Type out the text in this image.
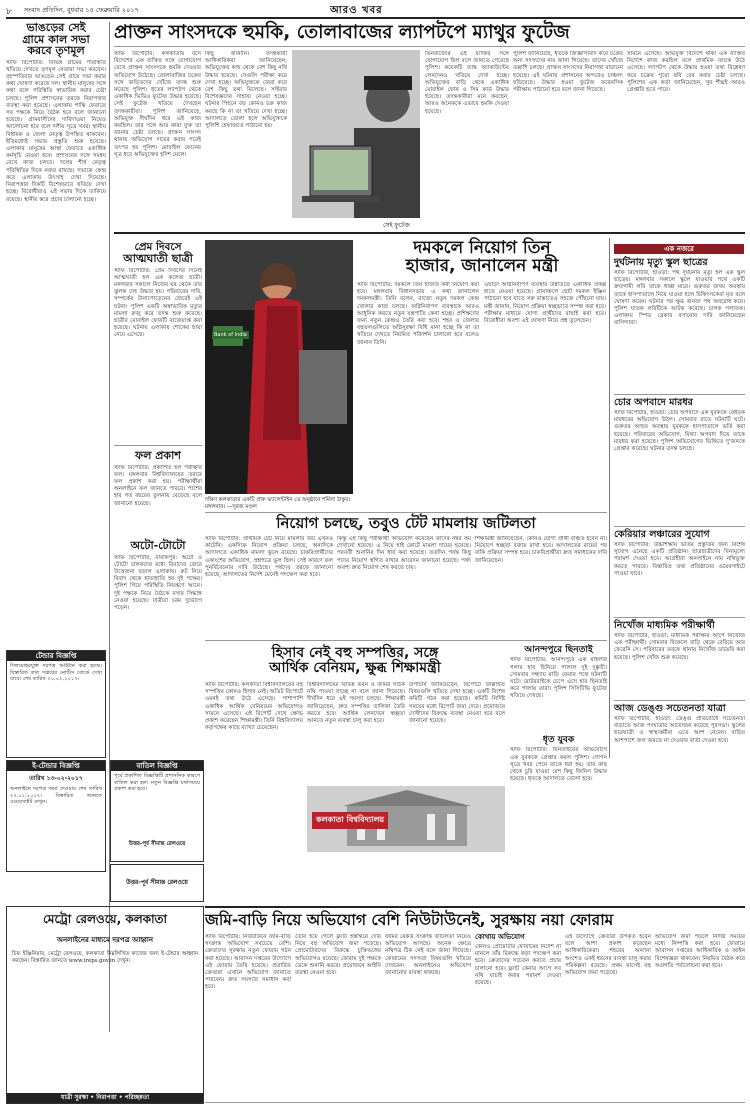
৮ সংবাদ প্রতিদিন, বুধবার ১৫ ফেব্রুয়ারি ২০১৭	আরও খবর
ভাঙড়ের সেই
গ্রামে কাল সভা
করবে তৃণমূল
স্টাফ রিপোর্টার: বিভিন্ন গ্রামের পরিস্থিতি খতিয়ে দেখতে তৃণমূল নেতারা সভা করবেন। বৃহস্পতিবার ভাঙড়ের সেই গ্রামে সভা করার কথা ঘোষণা করেছে দল। স্থানীয় মানুষের সঙ্গে কথা বলে পরিস্থিতি স্বাভাবিক করার চেষ্টা চলছে। পুলিশ প্রশাসনের তরফে নিরাপত্তার ব্যবস্থা করা হয়েছে। এলাকায় শান্তি ফেরাতে সব পক্ষকে নিয়ে বৈঠক হবে বলে জানানো হয়েছে। গ্রামবাসীদের দাবিদাওয়া নিয়েও আলোচনা হবে বলে দলীয় সূত্রে খবর। স্থানীয় বিধায়ক ও জেলা নেতৃত্ব উপস্থিত থাকবেন। ইতিমধ্যেই সভার প্রস্তুতি শুরু হয়েছে। এলাকার মানুষের আস্থা ফেরাতে একাধিক কর্মসূচি নেওয়া হবে। প্রশাসনের সঙ্গে সমন্বয় রেখে কাজ চলবে। দলের শীর্ষ নেতৃত্ব পরিস্থিতির দিকে নজর রাখছে। সভাকে কেন্দ্র করে এলাকায় উৎসাহ দেখা দিয়েছে। নিরাপত্তার দিকটি বিশেষভাবে খতিয়ে দেখা হচ্ছে। বিরোধীরাও এই সভার দিকে তাকিয়ে রয়েছে। স্থানীয় স্তরে প্রচার চালানো হচ্ছে।
প্রাক্তন সাংসদকে হুমকি, তোলাবাজের ল্যাপটপে ম্যাথুর ফুটেজ
স্টাফ রিপোর্টার: কলকাতায় বসে বিদেশের এক ব্যক্তির সঙ্গে যোগাযোগ রেখে প্রাক্তন সাংসদকে হুমকি দেওয়ার অভিযোগ উঠেছে। তোলাবাজির চক্রের সঙ্গে জড়িতদের খোঁজে তদন্ত শুরু করেছে পুলিশ। ধৃতের ল্যাপটপ থেকে একাধিক ভিডিও ফুটেজ উদ্ধার হয়েছে। সেই ফুটেজ খতিয়ে দেখছেন তদন্তকারীরা। পুলিশ জানিয়েছে, অভিযুক্ত দীর্ঘদিন ধরে এই কাজ করছিল। তার সঙ্গে আর কারা যুক্ত তা জানার চেষ্টা চলছে। প্রাক্তন সাংসদ থানায় অভিযোগ দায়ের করার পরেই তৎপর হয় পুলিশ। মোবাইল ফোনের সূত্র ধরে অভিযুক্তের হদিশ মেলে।
কিছু জানানি। তদন্তকারী আধিকারিকরা জানিয়েছেন, অভিযুক্তের কাছ থেকে বেশ কিছু নথি উদ্ধার হয়েছে। সেগুলি পরীক্ষা করে দেখা হচ্ছে। অভিযুক্তকে জেরা করে বেশ কিছু তথ্য মিলেছে। সাইবার বিশেষজ্ঞদের সাহায্য নেওয়া হচ্ছে। ঘটনার পিছনে বড় কোনও চক্র কাজ করছে কি না তা খতিয়ে দেখা হচ্ছে। আদালতে তোলা হলে অভিযুক্তকে পুলিশি হেফাজতে পাঠানো হয়।
সেই ফুটেজ
ভিনরাজ্যের এই ব্যক্তির সঙ্গে যোগাযোগ ছিল বলে জানতে পেরেছে পুলিশ। কয়েকটি ব্যাঙ্ক অ্যাকাউন্টের লেনদেনও খতিয়ে দেখা হচ্ছে। অভিযুক্তের বাড়ি থেকে একাধিক মোবাইল ফোন ও সিম কার্ড উদ্ধার হয়েছে। তদন্তকারীরা মনে করছেন, আরও অনেককে এভাবে হুমকি দেওয়া হয়েছে।
পুলিশ জানিয়েছে, ধৃতকে জিজ্ঞাসাবাদ করে চক্রের অন্য সদস্যদের নাম জানা গিয়েছে। তাদের খোঁজে তল্লাশি চলছে। প্রাক্তন সাংসদের নিরাপত্তা বাড়ানো হয়েছে। এই ঘটনায় প্রশাসনের অন্দরেও চাঞ্চল্য ছড়িয়েছে। উদ্ধার হওয়া ফুটেজ ফরেনসিক পরীক্ষায় পাঠানো হবে বলে জানা গিয়েছে।
সামনে এসেছে। অভিযুক্ত বিদেশে থাকা এক ব্যক্তির নির্দেশে কাজ করছিল বলে প্রাথমিক তদন্তে উঠে এসেছে। ল্যাপটপ থেকে উদ্ধার হওয়া তথ্য বিশ্লেষণ করে চক্রের পুরো ছবি বের করার চেষ্টা চলছে। পুলিশের এক কর্তা জানিয়েছেন, খুব শীঘ্রই আরও গ্রেপ্তারি হতে পারে।
প্রেম দিবসে
আত্মঘাতী ছাত্রী
স্টাফ রিপোর্টার: প্রেম দিবসের দিনেই আত্মঘাতী হল এক কলেজ ছাত্রী। মঙ্গলবার সকালে নিজের ঘর থেকে তার ঝুলন্ত দেহ উদ্ধার হয়। পরিবারের দাবি, সম্পর্কের টানাপোড়েনের জেরেই এই ঘটনা। পুলিশ একটি অস্বাভাবিক মৃত্যুর মামলা রুজু করে তদন্ত শুরু করেছে। ছাত্রীর মোবাইল ফোনটি বাজেয়াপ্ত করা হয়েছে। ঘটনায় এলাকায় শোকের ছায়া নেমে এসেছে।
ফল প্রকাশ
স্টাফ রিপোর্টার: প্রকাশিত হল পরীক্ষার ফল। মঙ্গলবার বিশ্ববিদ্যালয়ের তরফে ফল প্রকাশ করা হয়। পরীক্ষার্থীরা অনলাইনে ফল জানতে পারবে। পাশের হার গত বছরের তুলনায় বেড়েছে বলে জানানো হয়েছে।
Bank of India
দক্ষিণ কলকাতার একটি প্রাক ভ্যালেন্টাইন ডে অনুষ্ঠানে শর্মিলা ঠাকুর। মঙ্গলবার। —সুরজ মণ্ডল
দমকলে নিয়োগ তিন
হাজার, জানালেন মন্ত্রী
স্টাফ রিপোর্টার: দমকলে তিন হাজার কর্মী নিয়োগ করা হবে। মঙ্গলবার বিধানসভায় এ কথা জানালেন দমকলমন্ত্রী। তিনি বলেন, রাজ্যে নতুন দমকল কেন্দ্র খোলার কাজ চলছে। অগ্নিনির্বাপণ ব্যবস্থাকে আরও আধুনিক করতে নতুন যন্ত্রপাতি কেনা হচ্ছে। প্রশিক্ষণের জন্য নতুন কেন্দ্রও তৈরি করা হবে। শহর ও জেলার বহুতলগুলিতে অগ্নিসুরক্ষা বিধি মানা হচ্ছে কি না তা খতিয়ে দেখতে নিয়মিত পরিদর্শন চালানো হবে বলেও জানান তিনি।
এছাড়া অগ্নিনির্বাপণ ব্যবস্থার উন্নতিতে একাধিক প্রকল্প হাতে নেওয়া হয়েছে। গ্রামাঞ্চলে ছোট দমকল ইঞ্জিন পাঠানো হবে যাতে সরু রাস্তাতেও সহজে পৌঁছনো যায়। মন্ত্রী জানান, নিয়োগ প্রক্রিয়া স্বচ্ছভাবে সম্পন্ন করা হবে। পরীক্ষার মাধ্যমে যোগ্য প্রার্থীদের বাছাই করা হবে। বিরোধীরা অবশ্য এই ঘোষণা নিয়ে প্রশ্ন তুলেছেন।
অটো-টোটো
স্টাফ রিপোর্টার, বারাকপুর: অটো ও টোটো চালকদের মধ্যে বিবাদের জেরে উত্তেজনা ছড়াল এলাকায়। রুট নিয়ে বিবাদ থেকে হাতাহাতি হয় দুই পক্ষের। পুলিশ গিয়ে পরিস্থিতি নিয়ন্ত্রণে আনে। দুই পক্ষকে নিয়ে বৈঠকে বসার সিদ্ধান্ত নেওয়া হয়েছে। যাত্রীরা চরম দুর্ভোগে পড়েন।
নিয়োগ চলছে, তবুও টেট মামলায় জটিলতা
স্টাফ রিপোর্টার: প্রাথমিক টেট নিয়ে মামলার জট এখনও কাটেনি। একদিকে নিয়োগ প্রক্রিয়া চলছে, অন্যদিকে আদালতে একাধিক মামলা ঝুলে রয়েছে। চাকরিপ্রার্থীদের একাংশের অভিযোগ, প্রশ্নপত্রে ভুল ছিল। সেই কারণে ফল পুনর্বিবেচনার দাবি উঠেছে। পর্ষদের তরফে জানানো হয়েছে, আদালতের নির্দেশ মেনেই পদক্ষেপ করা হবে।
কিন্তু এই কিছু পরীক্ষার্থী অভিযোগ করেছেন তাঁদের নম্বর কম দেখানো হয়েছে। এ নিয়ে হাই কোর্টে মামলা দায়ের হয়েছে। পরবর্তী শুনানির দিন ধার্য করা হয়েছে। ততদিন পর্যন্ত কিছু পদের নিয়োগ স্থগিত রাখার আবেদন জানানো হয়েছে। পর্ষদ অবশ্য দ্রুত নিয়োগ শেষ করতে চায়।
শিক্ষামন্ত্রী জানিয়েছেন, কোনও যোগ্য প্রার্থী বঞ্চিত হবেন না। নিয়োগে স্বচ্ছতা বজায় রাখা হবে। আদালতের রায়ের পর বাকি প্রক্রিয়া সম্পন্ন হবে। চাকরিপ্রার্থীরা দ্রুত সমাধানের দাবি জানিয়েছেন।
হিসাব নেই বহু সম্পত্তির, সঙ্গে
আর্থিক বেনিয়ম, ক্ষুব্ধ শিক্ষামন্ত্রী
স্টাফ রিপোর্টার: কলকাতা বিশ্ববিদ্যালয়ের বহু সম্পত্তির কোনও হিসাব নেই। অডিট রিপোর্টে এমনই তথ্য উঠে এসেছে। পাশাপাশি একাধিক আর্থিক বেনিয়মের অভিযোগও সামনে এসেছে। এই রিপোর্ট দেখে ক্ষোভ প্রকাশ করেছেন শিক্ষামন্ত্রী। তিনি বিশ্ববিদ্যালয় কর্তৃপক্ষের কাছে ব্যাখ্যা চেয়েছেন।
বিশ্ববিদ্যালয়ের বিভিন্ন ভবন ও জমির সঠিক নথি পাওয়া যাচ্ছে না বলে জানা গিয়েছে। দীর্ঘদিন ধরে এই সমস্যা চলছে। শিক্ষামন্ত্রী জানিয়েছেন, দ্রুত সম্পত্তির তালিকা তৈরি করতে হবে। আর্থিক লেনদেনে স্বচ্ছতা আনতে নতুন ব্যবস্থা চালু করা হবে।
কলকাতা বিশ্ববিদ্যালয়
উপাচার্য জানিয়েছেন, রিপোর্টে উল্লিখিত বিষয়গুলি খতিয়ে দেখা হচ্ছে। একটি বিশেষ কমিটি গঠন করা হয়েছে। কমিটি নির্দিষ্ট সময়ের মধ্যে রিপোর্ট জমা দেবে। প্রয়োজনে দোষীদের বিরুদ্ধে ব্যবস্থা নেওয়া হবে বলে জানানো হয়েছে।
আনন্দপুরে ছিনতাই
স্টাফ রিপোর্টার: আনন্দপুরে এক মহিলার গলার হার ছিনিয়ে পালাল দুই দুষ্কৃতী। সোমবার সন্ধ্যায় বাড়ি ফেরার পথে ঘটনাটি ঘটে। মোটরবাইকে চেপে এসে হার ছিনতাই করে পালায় তারা। পুলিশ সিসিটিভি ফুটেজ খতিয়ে দেখছে।
ধৃত যুবক
স্টাফ রিপোর্টার: ছিনতাইয়ের অভিযোগে এক যুবককে গ্রেপ্তার করল পুলিশ। গোপন সূত্রে খবর পেয়ে তাকে ধরা হয়। তার কাছ থেকে চুরি যাওয়া বেশ কিছু জিনিস উদ্ধার হয়েছে। ধৃতকে আদালতে তোলা হবে।
এক নজরে
দুর্ঘটনায় মৃত্যু স্কুল ছাত্রের
স্টাফ রিপোর্টার, হাওড়া: পথ দুর্ঘটনায় মৃত্যু হল এক স্কুল ছাত্রের। মঙ্গলবার সকালে স্কুলে যাওয়ার পথে একটি দ্রুতগামী লরি তাকে ধাক্কা মারে। গুরুতর জখম অবস্থায় তাকে হাসপাতালে নিয়ে যাওয়া হলে চিকিৎসকেরা মৃত বলে ঘোষণা করেন। ঘটনার পর ক্ষুব্ধ জনতা পথ অবরোধ করে। পুলিশ ঘাতক লরিটিকে আটক করেছে। চালক পলাতক। এলাকায় স্পিড ব্রেকার বসানোর দাবি জানিয়েছেন বাসিন্দারা।
চোর অপবাদে মারধর
স্টাফ রিপোর্টার, হাওড়া: চোর অপবাদে এক যুবককে বেধড়ক মারধরের অভিযোগ উঠল। সোমবার রাতে ঘটনাটি ঘটে। গুরুতর আহত অবস্থায় যুবককে হাসপাতালে ভর্তি করা হয়েছে। পরিবারের অভিযোগ, মিথ্যা অপবাদ দিয়ে তাকে মারধর করা হয়েছে। পুলিশ অভিযোগের ভিত্তিতে দু'জনকে গ্রেপ্তার করেছে। ঘটনার তদন্ত চলছে।
কেরিয়ার লঞ্চারের সুযোগ
স্টাফ রিপোর্টার: উচ্চশিক্ষায় ভর্তির প্রস্তুতির জন্য বিশেষ সুযোগ এনেছে একটি প্রতিষ্ঠান। ছাত্রছাত্রীদের বিনামূল্যে পরামর্শ দেওয়া হবে। আগ্রহীরা অনলাইনে নাম নথিভুক্ত করতে পারবে। বিস্তারিত তথ্য প্রতিষ্ঠানের ওয়েবসাইটে পাওয়া যাবে।
নিখোঁজ মাধ্যমিক পরীক্ষার্থী
স্টাফ রিপোর্টার, হাওড়া: মাধ্যমিক পরীক্ষার আগে নিখোঁজ এক পরীক্ষার্থী। সোমবার বিকেলে বাড়ি থেকে বেরিয়ে আর ফেরেনি সে। পরিবারের তরফে থানায় নিখোঁজ ডায়েরি করা হয়েছে। পুলিশ খোঁজ শুরু করেছে।
আজ ডেঙ্গু সচেতনতা যাত্রা
স্টাফ রিপোর্টার, হাওড়া: ডেঙ্গু প্রতিরোধে সচেতনতা বাড়াতে আজ পদযাত্রার আয়োজন করেছে পুরসভা। স্কুলের ছাত্রছাত্রী ও স্বাস্থ্যকর্মীরা এতে অংশ নেবেন। বাড়ির আশপাশে জল জমতে না দেওয়ার বার্তা দেওয়া হবে।
টেন্ডার বিজ্ঞপ্তি
সিলমোহরযুক্ত দরপত্র আহ্বান করা হচ্ছে। বিস্তারিত তথ্য দপ্তরের নোটিস বোর্ডে দেখা যাবে। শেষ তারিখ ২০.০২.২০১৭।
ই-টেন্ডার বিজ্ঞপ্তি
তারিখ ১৩-০২-২০১৭
অনলাইনে দরপত্র জমা দেওয়ার শেষ তারিখ ২৭.০২.২০১৭। বিস্তারিত জানতে ওয়েবসাইট দেখুন।
বাতিল বিজ্ঞপ্তি
পূর্বে প্রকাশিত বিজ্ঞপ্তিটি প্রশাসনিক কারণে বাতিল করা হল। নতুন বিজ্ঞপ্তি যথাসময়ে প্রকাশ করা হবে।
উত্তর-পূর্ব সীমান্ত রেলওয়ে
উত্তর-পূর্ব সীমান্ত রেলওয়ে
জমি-বাড়ি নিয়ে অভিযোগ বেশি নিউটাউনেই, সুরক্ষায় নয়া ফোরাম
স্টাফ রিপোর্টার: নিউটাউনে জমি-বাড়ি সংক্রান্ত অভিযোগ সবচেয়ে বেশি। ক্রেতাদের সুরক্ষায় নতুন ফোরাম গঠন করা হয়েছে। আবাসন দপ্তরের উদ্যোগে এই ফোরাম তৈরি হয়েছে। প্রতারিত ক্রেতারা এখানে অভিযোগ জানাতে পারবেন। দ্রুত সমস্যার সমাধান করা হবে।
তৈরি হয়ে গেলে ফ্ল্যাট হস্তান্তরে দেরি নিয়ে বহু অভিযোগ জমা পড়েছে। প্রোমোটারদের বিরুদ্ধে চুক্তিভঙ্গের অভিযোগও রয়েছে। ফোরাম দুই পক্ষকে ডেকে শুনানি করবে। প্রয়োজনে আইনি ব্যবস্থা নেওয়া হবে।
জমির রেকর্ড সংক্রান্ত জটিলতা নিয়েও অভিযোগ আসছে। অনেক ক্ষেত্রে নথিপত্র ঠিক নেই বলে জানা গিয়েছে। ফোরামের সদস্যরা বিষয়গুলি খতিয়ে দেখবেন। অনলাইনেও অভিযোগ জানানোর ব্যবস্থা থাকছে।
কোথায় অভিযোগ
কোনও প্রোমোটার ফোরামের নির্দেশ না মানলে তাঁর বিরুদ্ধে কড়া পদক্ষেপ করা হবে। ক্রেতাদের সচেতন করতে প্রচার চালানো হবে। ফ্ল্যাট কেনার আগে সব নথি যাচাই করার পরামর্শ দেওয়া হয়েছে।
এই উদ্যোগে ক্রেতারা উপকৃত হবেন বলে আশা প্রকাশ করেছেন আধিকারিকেরা। শহরের অন্যান্য অংশেও একই ধরনের ব্যবস্থা চালু করার পরিকল্পনা রয়েছে। প্রথম মাসেই বহু অভিযোগ জমা পড়েছে।
অভিযোগ জমা পড়লে নির্দিষ্ট সময়ের মধ্যে নিষ্পত্তি করা হবে। ফোরামে আবাসন দপ্তরের আধিকারিক ও আইন বিশেষজ্ঞরা থাকবেন। নিয়মিত বৈঠক করে অগ্রগতি পর্যালোচনা করা হবে।
মেট্রো রেলওয়ে, কলকাতা
অনলাইনের মাধ্যমে দরপত্র আহ্বান
চিফ ইঞ্জিনিয়ার, মেট্রো রেলওয়ে, কলকাতা নিম্নলিখিত কাজের জন্য ই-টেন্ডার আহ্বান করছেন। বিস্তারিত জানতে www.ireps.gov.in দেখুন।
যাত্রী সুরক্ষা • নিরাপত্তা • পরিচ্ছন্নতা
